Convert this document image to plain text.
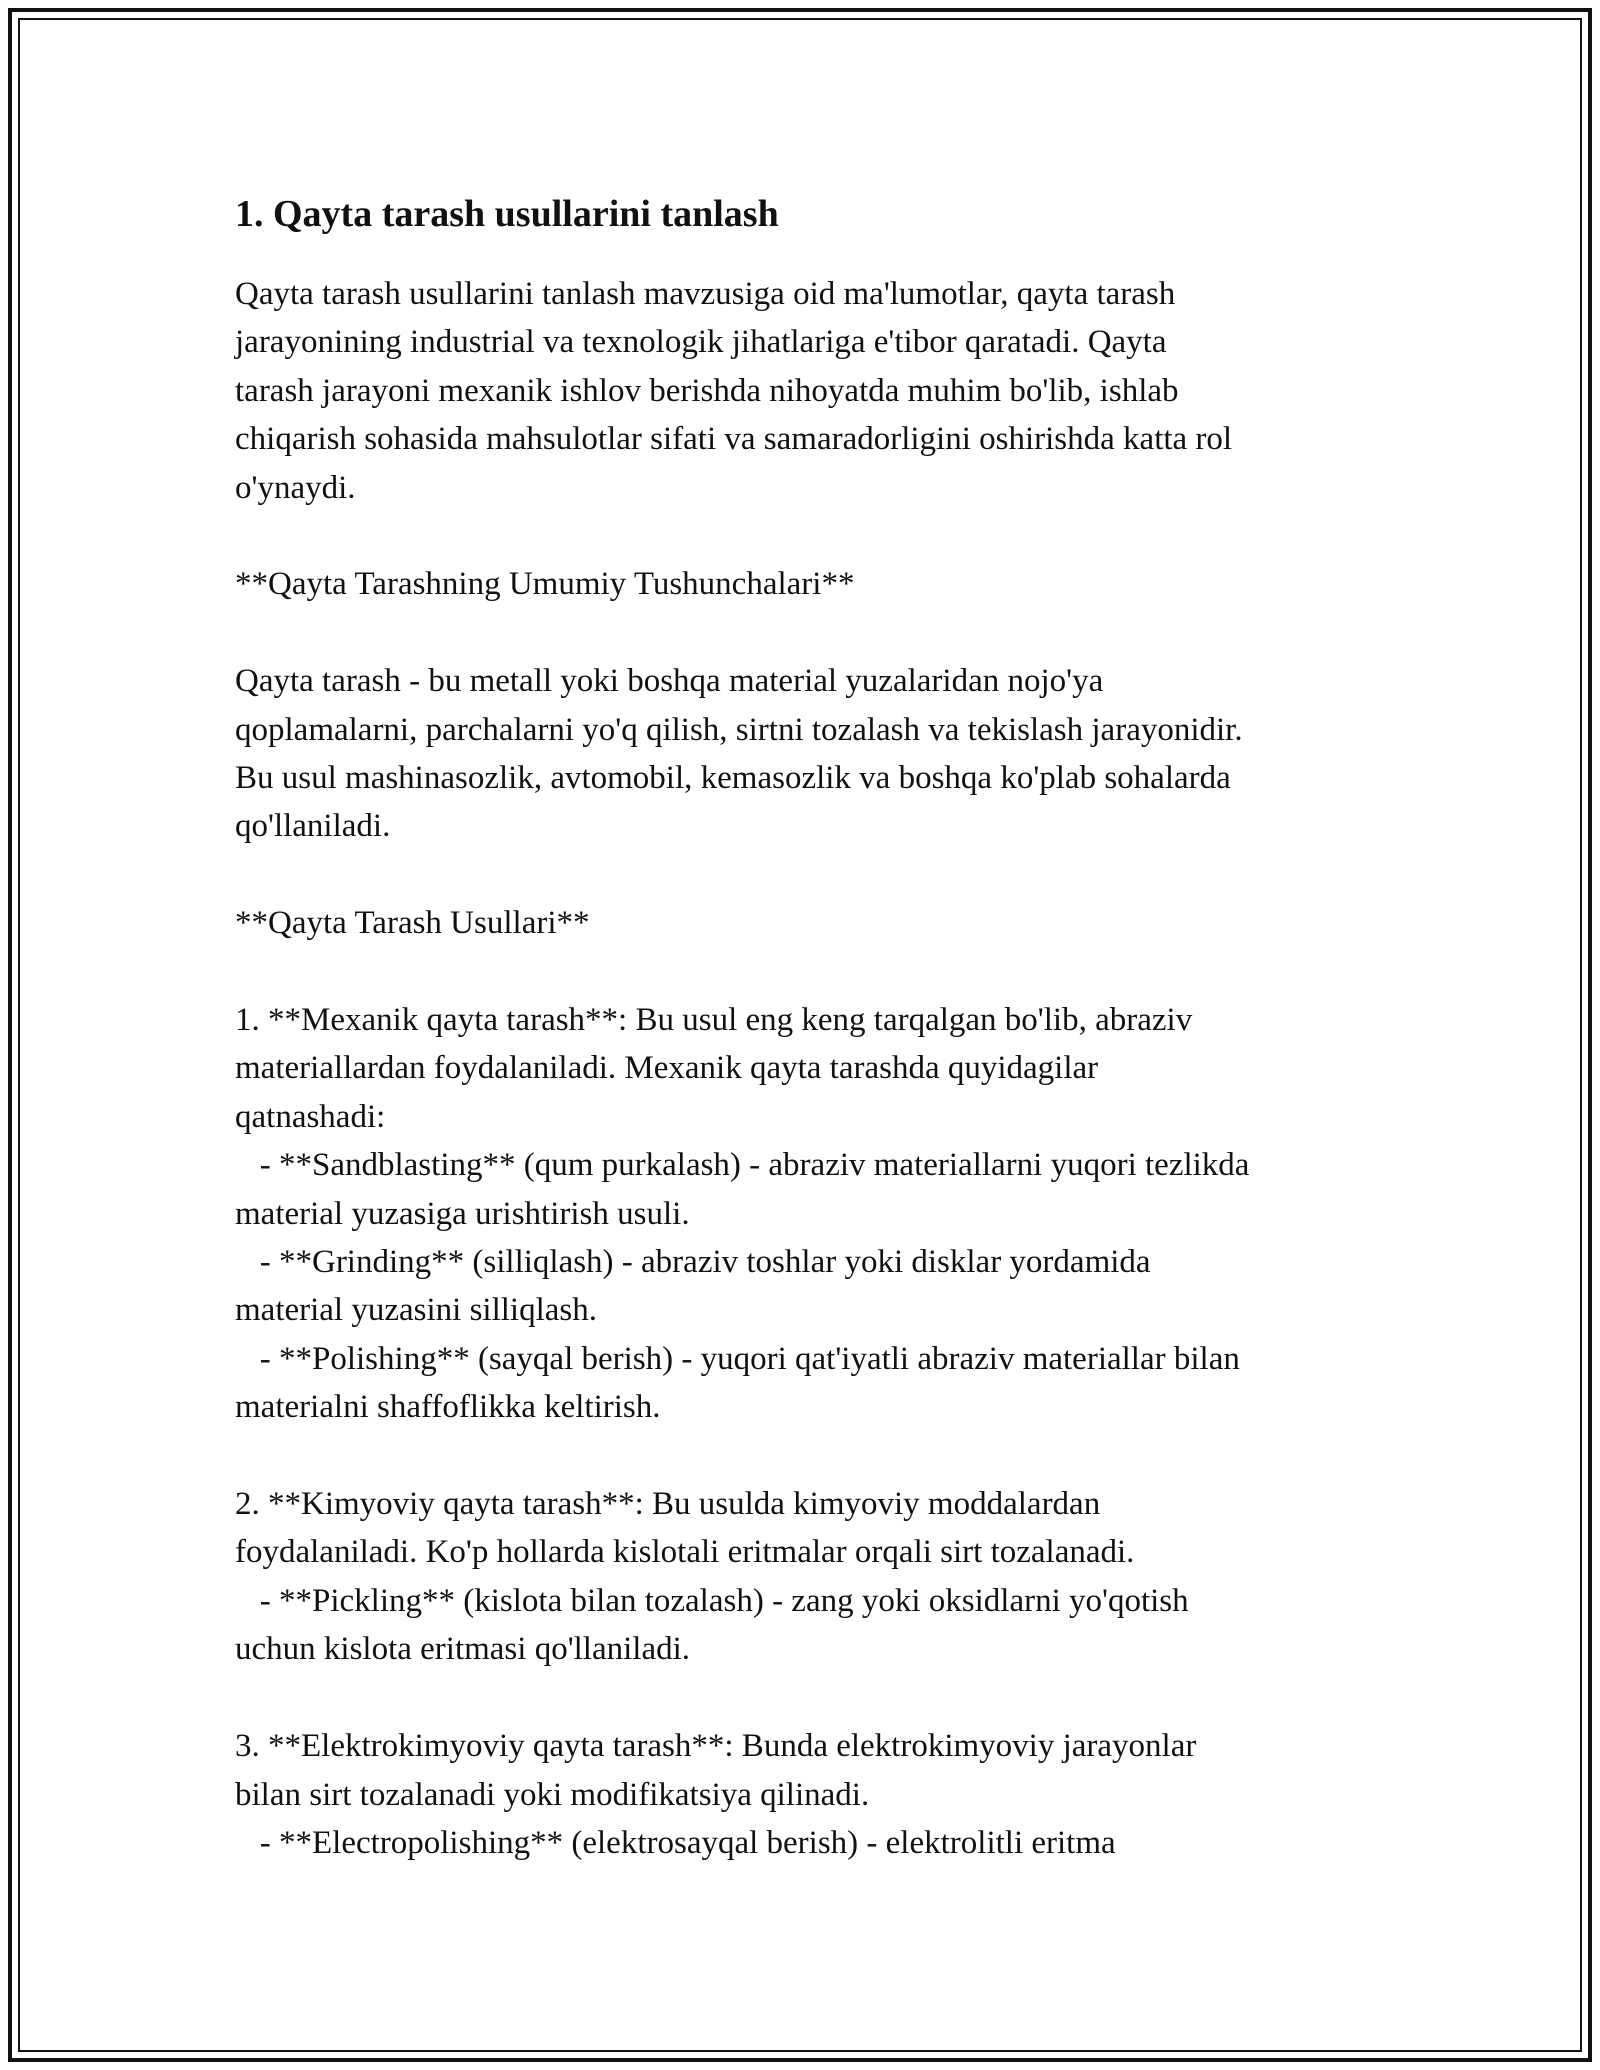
1. Qayta tarash usullarini tanlash
Qayta tarash usullarini tanlash mavzusiga oid ma'lumotlar, qayta tarash
jarayonining industrial va texnologik jihatlariga e'tibor qaratadi. Qayta
tarash jarayoni mexanik ishlov berishda nihoyatda muhim bo'lib, ishlab
chiqarish sohasida mahsulotlar sifati va samaradorligini oshirishda katta rol
o'ynaydi.
**Qayta Tarashning Umumiy Tushunchalari**
Qayta tarash - bu metall yoki boshqa material yuzalaridan nojo'ya
qoplamalarni, parchalarni yo'q qilish, sirtni tozalash va tekislash jarayonidir.
Bu usul mashinasozlik, avtomobil, kemasozlik va boshqa ko'plab sohalarda
qo'llaniladi.
**Qayta Tarash Usullari**
1. **Mexanik qayta tarash**: Bu usul eng keng tarqalgan bo'lib, abraziv
materiallardan foydalaniladi. Mexanik qayta tarashda quyidagilar
qatnashadi:
- **Sandblasting** (qum purkalash) - abraziv materiallarni yuqori tezlikda
material yuzasiga urishtirish usuli.
- **Grinding** (silliqlash) - abraziv toshlar yoki disklar yordamida
material yuzasini silliqlash.
- **Polishing** (sayqal berish) - yuqori qat'iyatli abraziv materiallar bilan
materialni shaffoflikka keltirish.
2. **Kimyoviy qayta tarash**: Bu usulda kimyoviy moddalardan
foydalaniladi. Ko'p hollarda kislotali eritmalar orqali sirt tozalanadi.
- **Pickling** (kislota bilan tozalash) - zang yoki oksidlarni yo'qotish
uchun kislota eritmasi qo'llaniladi.
3. **Elektrokimyoviy qayta tarash**: Bunda elektrokimyoviy jarayonlar
bilan sirt tozalanadi yoki modifikatsiya qilinadi.
- **Electropolishing** (elektrosayqal berish) - elektrolitli eritma
